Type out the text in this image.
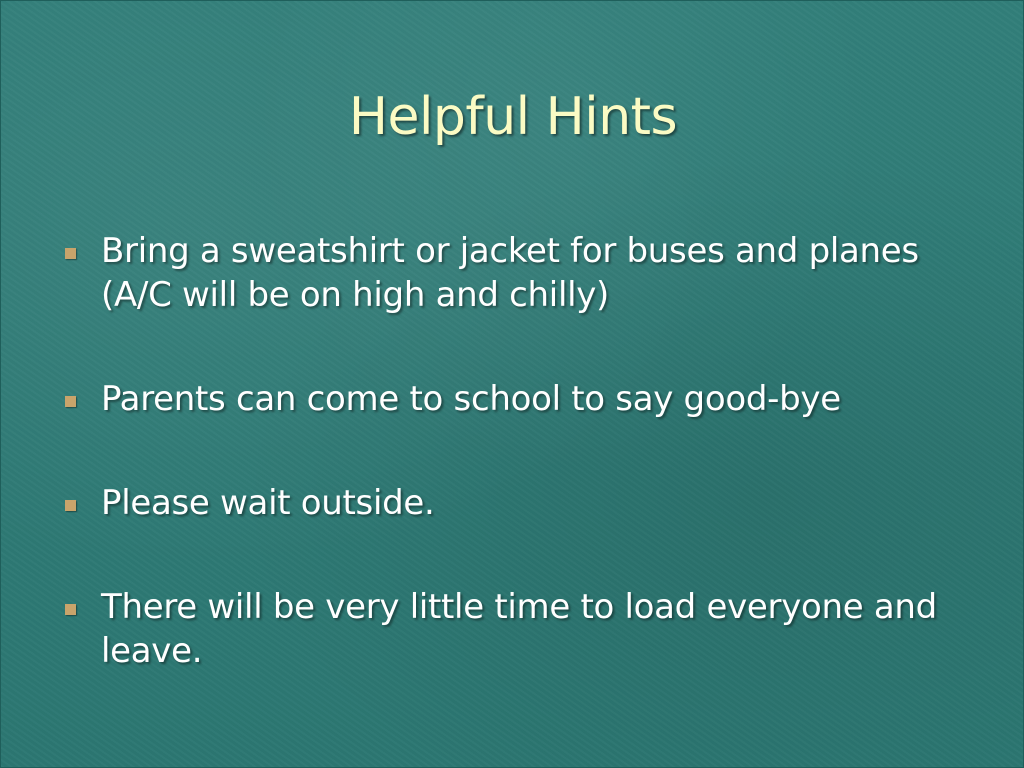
Helpful Hints
Bring a sweatshirt or jacket for buses and planes (A/C will be on high and chilly)
Parents can come to school to say good-bye
Please wait outside.
There will be very little time to load everyone and leave.
